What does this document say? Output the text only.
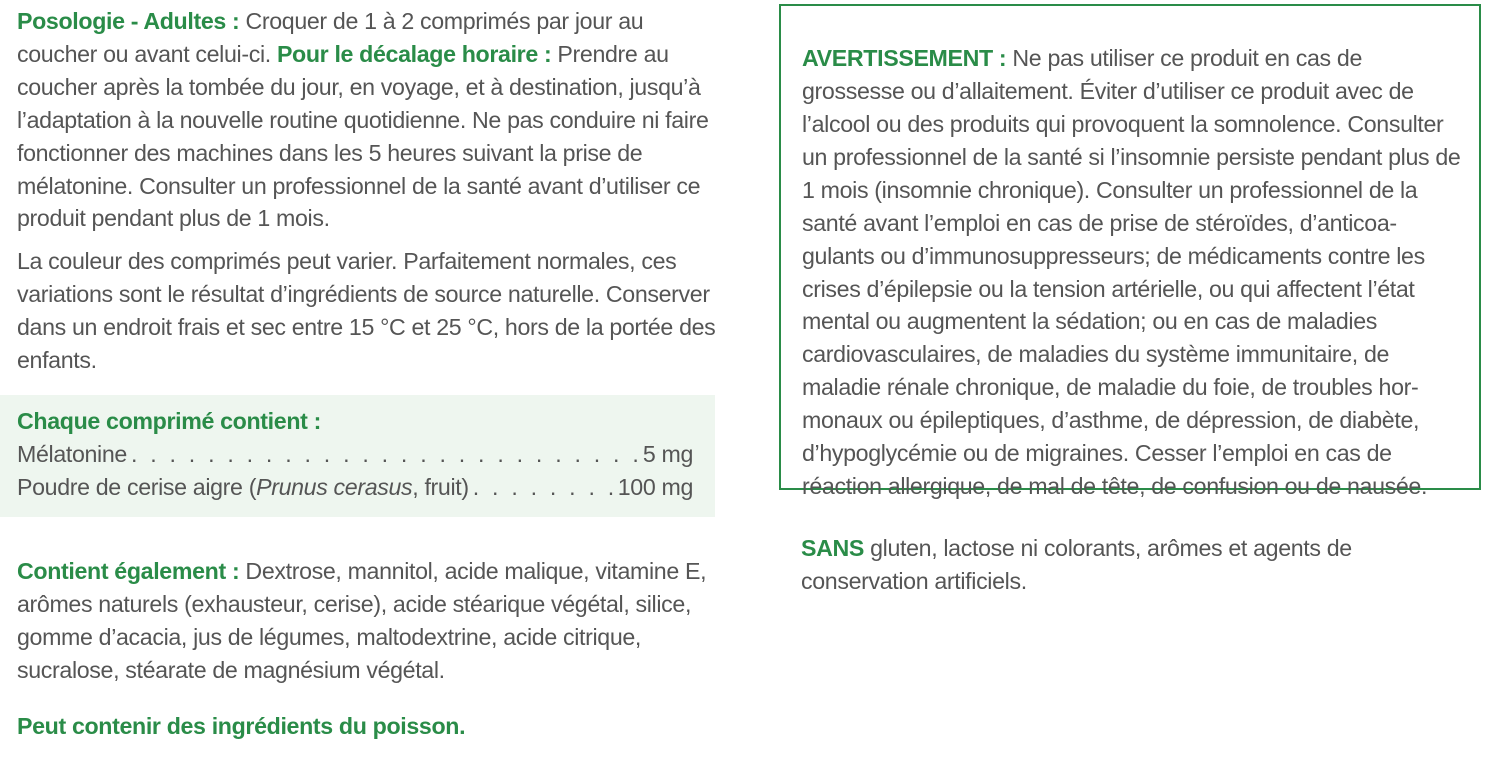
Posologie - Adultes : Croquer de 1 à 2 comprimés par jour au coucher ou avant celui-ci. Pour le décalage horaire : Prendre au coucher après la tombée du jour, en voyage, et à destination, jusqu’à l’adaptation à la nouvelle routine quotidienne. Ne pas conduire ni faire fonctionner des machines dans les 5 heures suivant la prise de mélatonine. Consulter un professionnel de la santé avant d’utiliser ce produit pendant plus de 1 mois.

La couleur des comprimés peut varier. Parfaitement normales, ces variations sont le résultat d’ingrédients de source naturelle. Conserver dans un endroit frais et sec entre 15 °C et 25 °C, hors de la portée des enfants.

Chaque comprimé contient :
Mélatonine . . .	5 mg
Poudre de cerise aigre (Prunus cerasus, fruit) . . .	100 mg

Contient également : Dextrose, mannitol, acide malique, vitamine E, arômes naturels (exhausteur, cerise), acide stéarique végétal, silice, gomme d’acacia, jus de légumes, maltodextrine, acide citrique, sucralose, stéarate de magnésium végétal.

Peut contenir des ingrédients du poisson.

AVERTISSEMENT : Ne pas utiliser ce produit en cas de grossesse ou d’allaitement. Éviter d’utiliser ce produit avec de l’alcool ou des produits qui provoquent la somnolence. Consulter un professionnel de la santé si l’insomnie persiste pendant plus de 1 mois (insomnie chronique). Consulter un professionnel de la santé avant l’emploi en cas de prise de stéroïdes, d’anticoa-gulants ou d’immunosuppresseurs; de médicaments contre les crises d’épilepsie ou la tension artérielle, ou qui affectent l’état mental ou augmentent la sédation; ou en cas de maladies cardiovasculaires, de maladies du système immunitaire, de maladie rénale chronique, de maladie du foie, de troubles hor-monaux ou épileptiques, d’asthme, de dépression, de diabète, d’hypoglycémie ou de migraines. Cesser l’emploi en cas de réaction allergique, de mal de tête, de confusion ou de nausée.

SANS gluten, lactose ni colorants, arômes et agents de conservation artificiels.
